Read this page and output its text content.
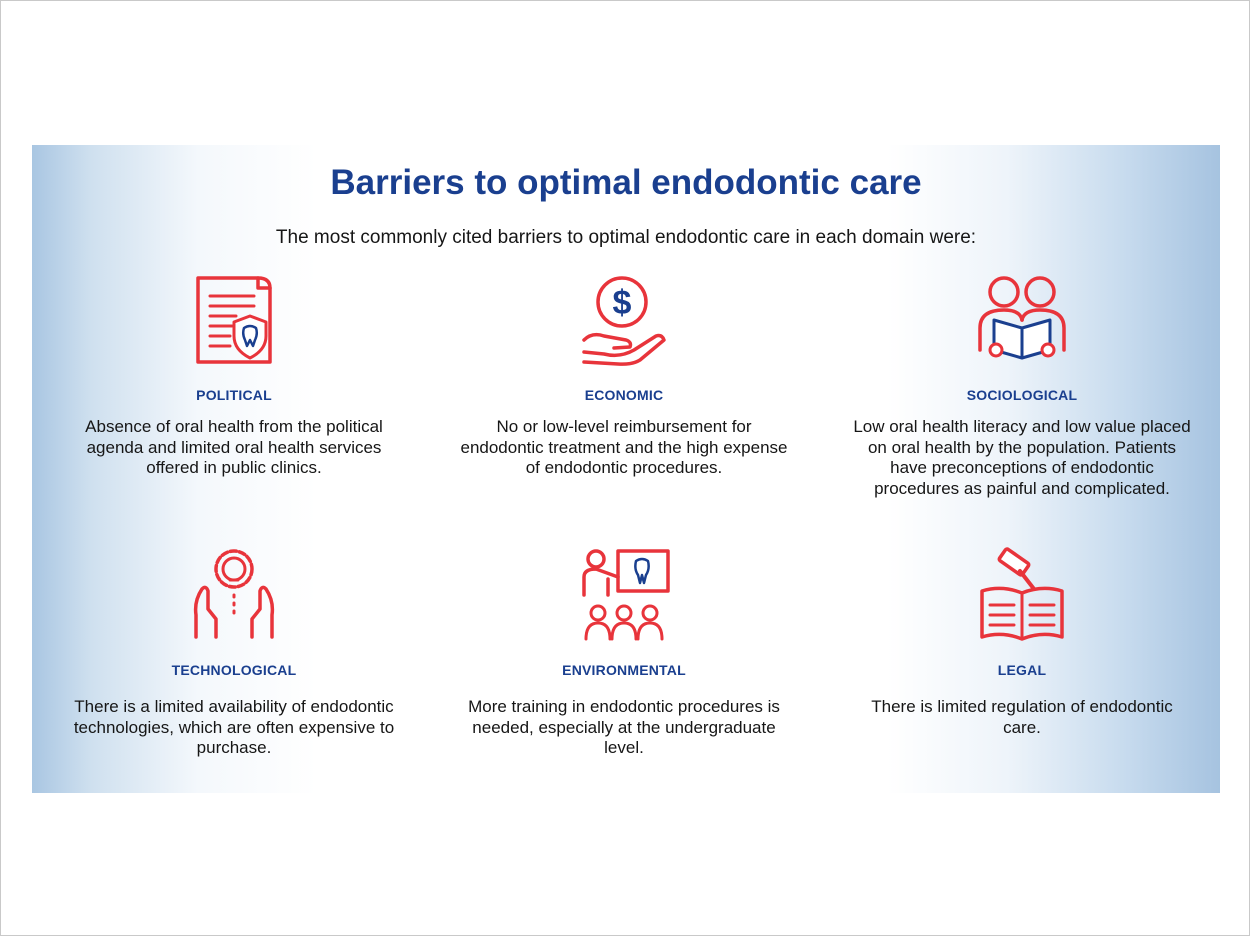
Barriers to optimal endodontic care
The most commonly cited barriers to optimal endodontic care in each domain were:
POLITICAL
Absence of oral health from the political agenda and limited oral health services offered in public clinics.
$
ECONOMIC
No or low-level reimbursement for endodontic treatment and the high expense of endodontic procedures.
SOCIOLOGICAL
Low oral health literacy and low value placed on oral health by the population. Patients have preconceptions of endodontic procedures as painful and complicated.
TECHNOLOGICAL
There is a limited availability of endodontic technologies, which are often expensive to purchase.
ENVIRONMENTAL
More training in endodontic procedures is needed, especially at the undergraduate level.
LEGAL
There is limited regulation of endodontic care.
